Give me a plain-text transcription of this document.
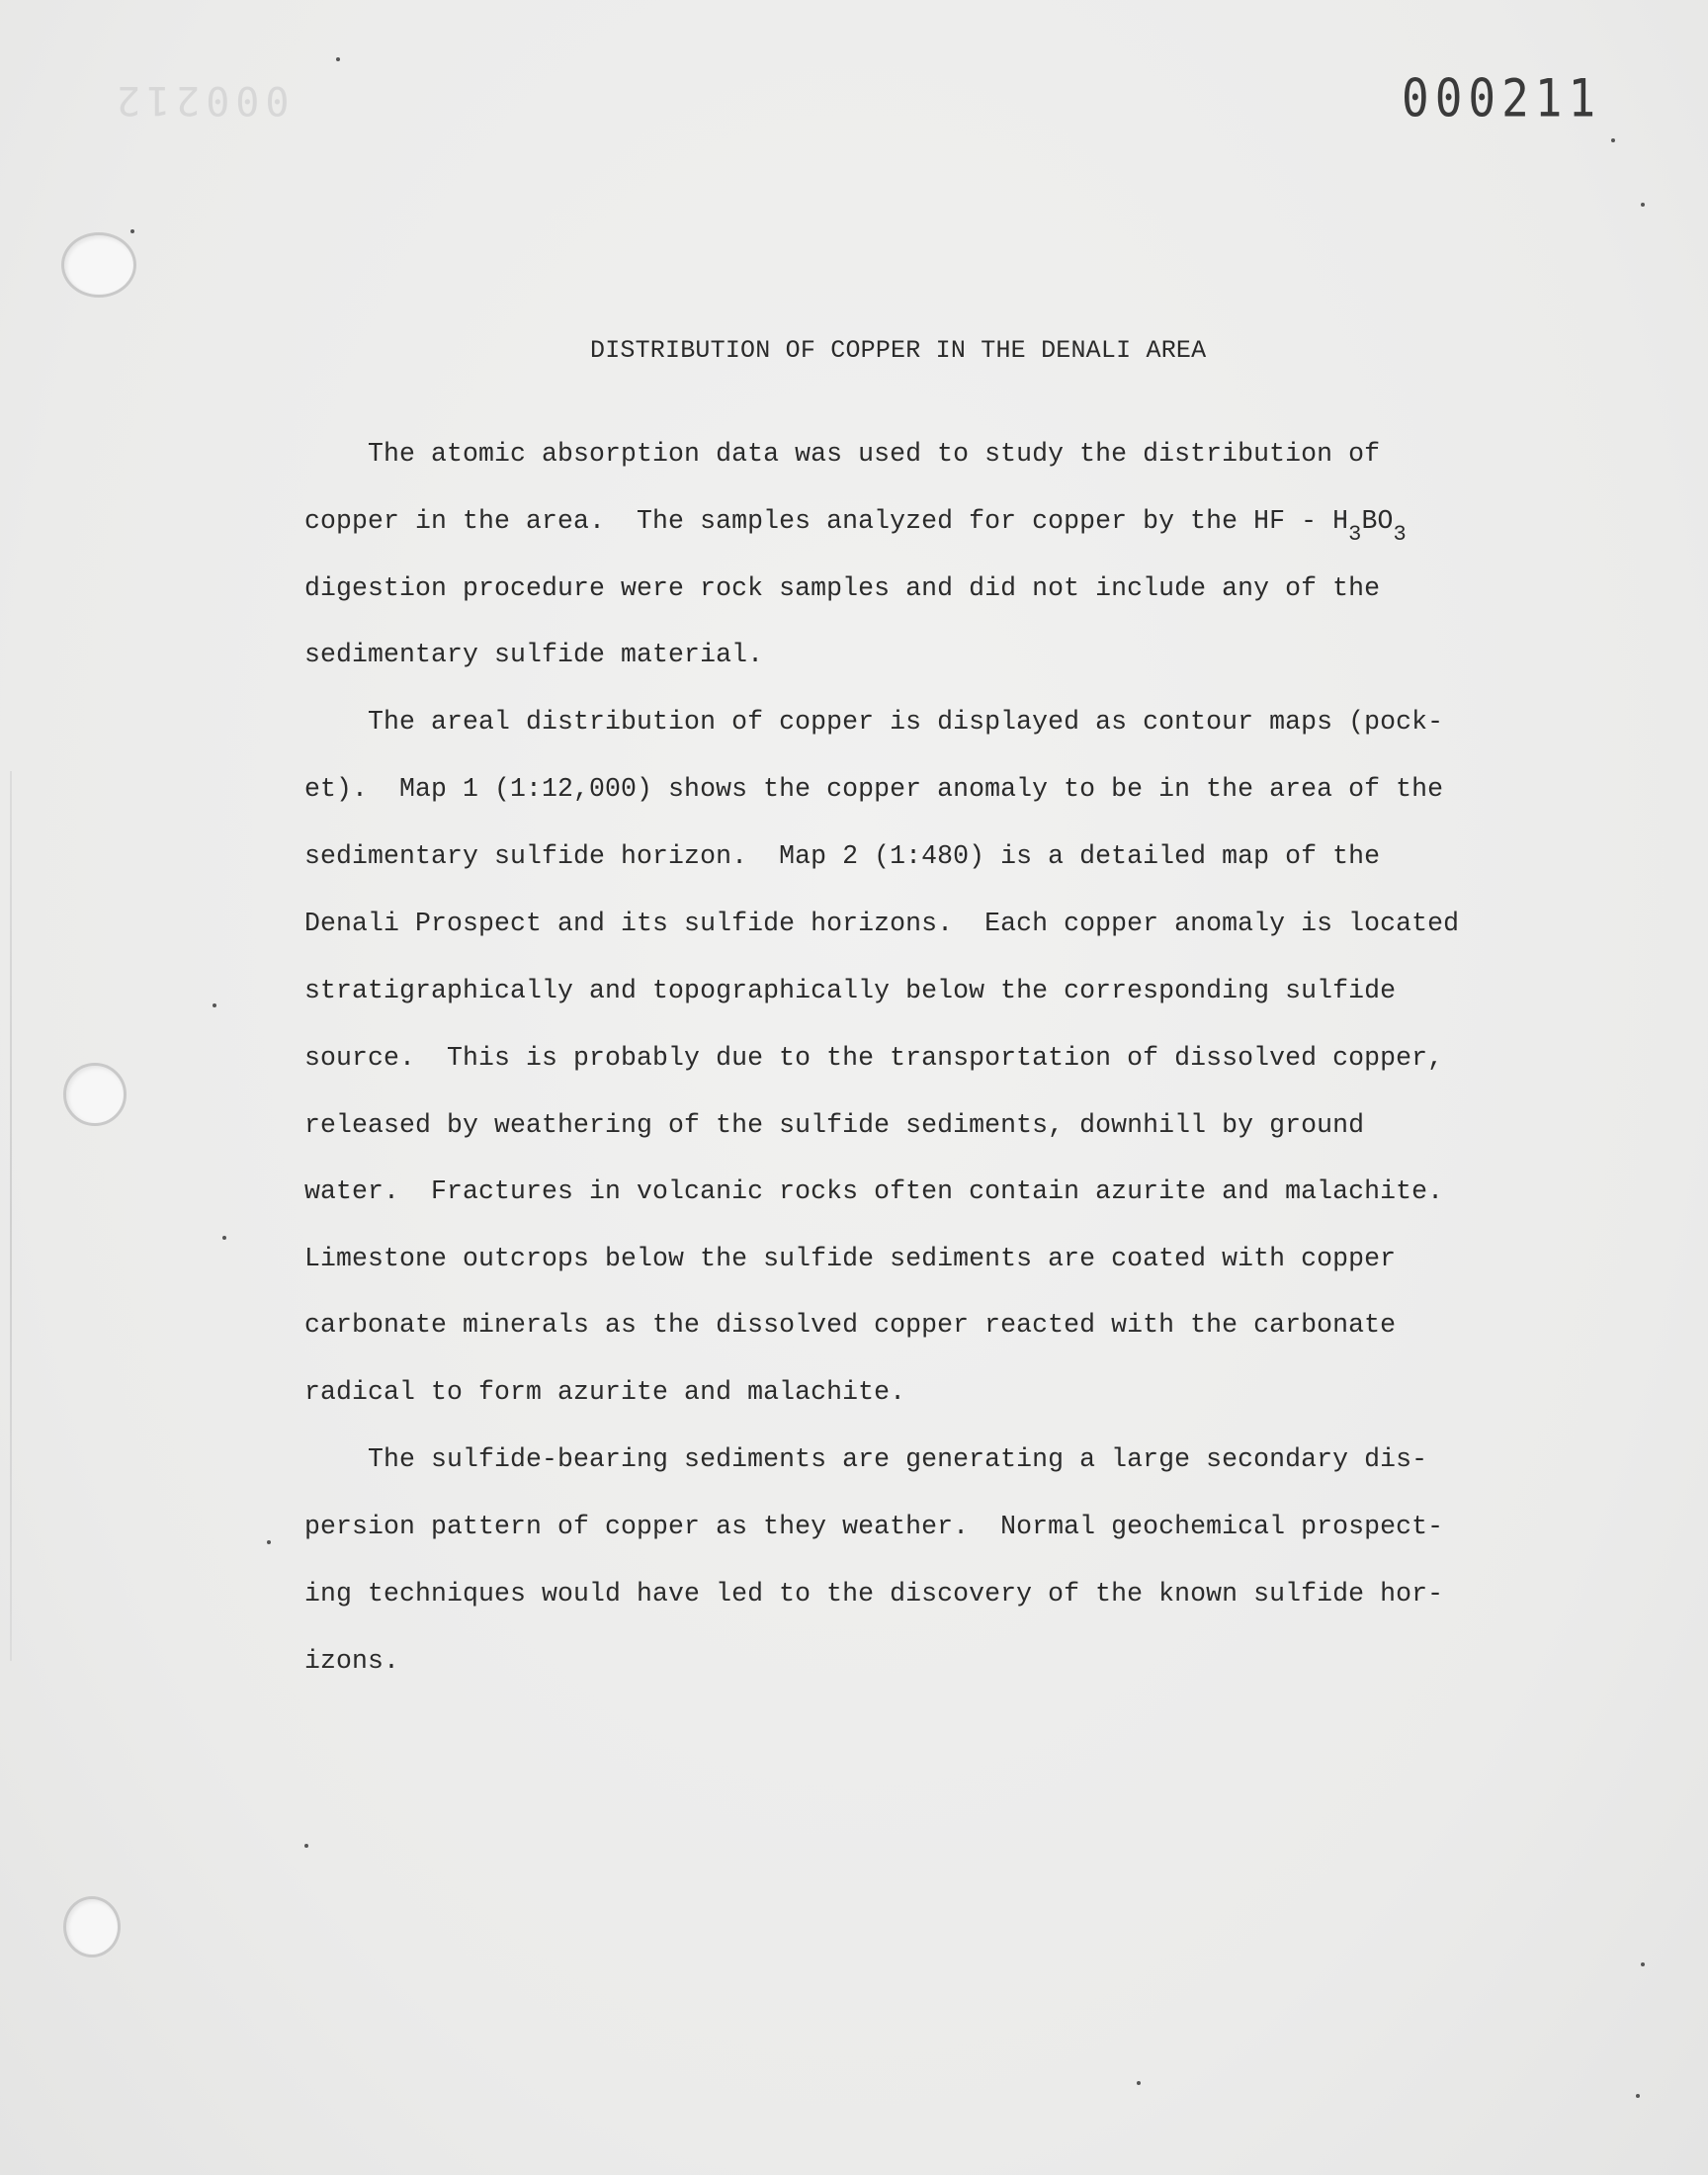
000212	000211
DISTRIBUTION OF COPPER IN THE DENALI AREA
The atomic absorption data was used to study the distribution of
copper in the area.  The samples analyzed for copper by the HF - $H_3BO_3$
digestion procedure were rock samples and did not include any of the
sedimentary sulfide material.
The areal distribution of copper is displayed as contour maps (pock-
et).  Map 1 (1:12,000) shows the copper anomaly to be in the area of the
sedimentary sulfide horizon.  Map 2 (1:480) is a detailed map of the
Denali Prospect and its sulfide horizons.  Each copper anomaly is located
stratigraphically and topographically below the corresponding sulfide
source.  This is probably due to the transportation of dissolved copper,
released by weathering of the sulfide sediments, downhill by ground
water.  Fractures in volcanic rocks often contain azurite and malachite.
Limestone outcrops below the sulfide sediments are coated with copper
carbonate minerals as the dissolved copper reacted with the carbonate
radical to form azurite and malachite.
The sulfide-bearing sediments are generating a large secondary dis-
persion pattern of copper as they weather.  Normal geochemical prospect-
ing techniques would have led to the discovery of the known sulfide hor-
izons.
